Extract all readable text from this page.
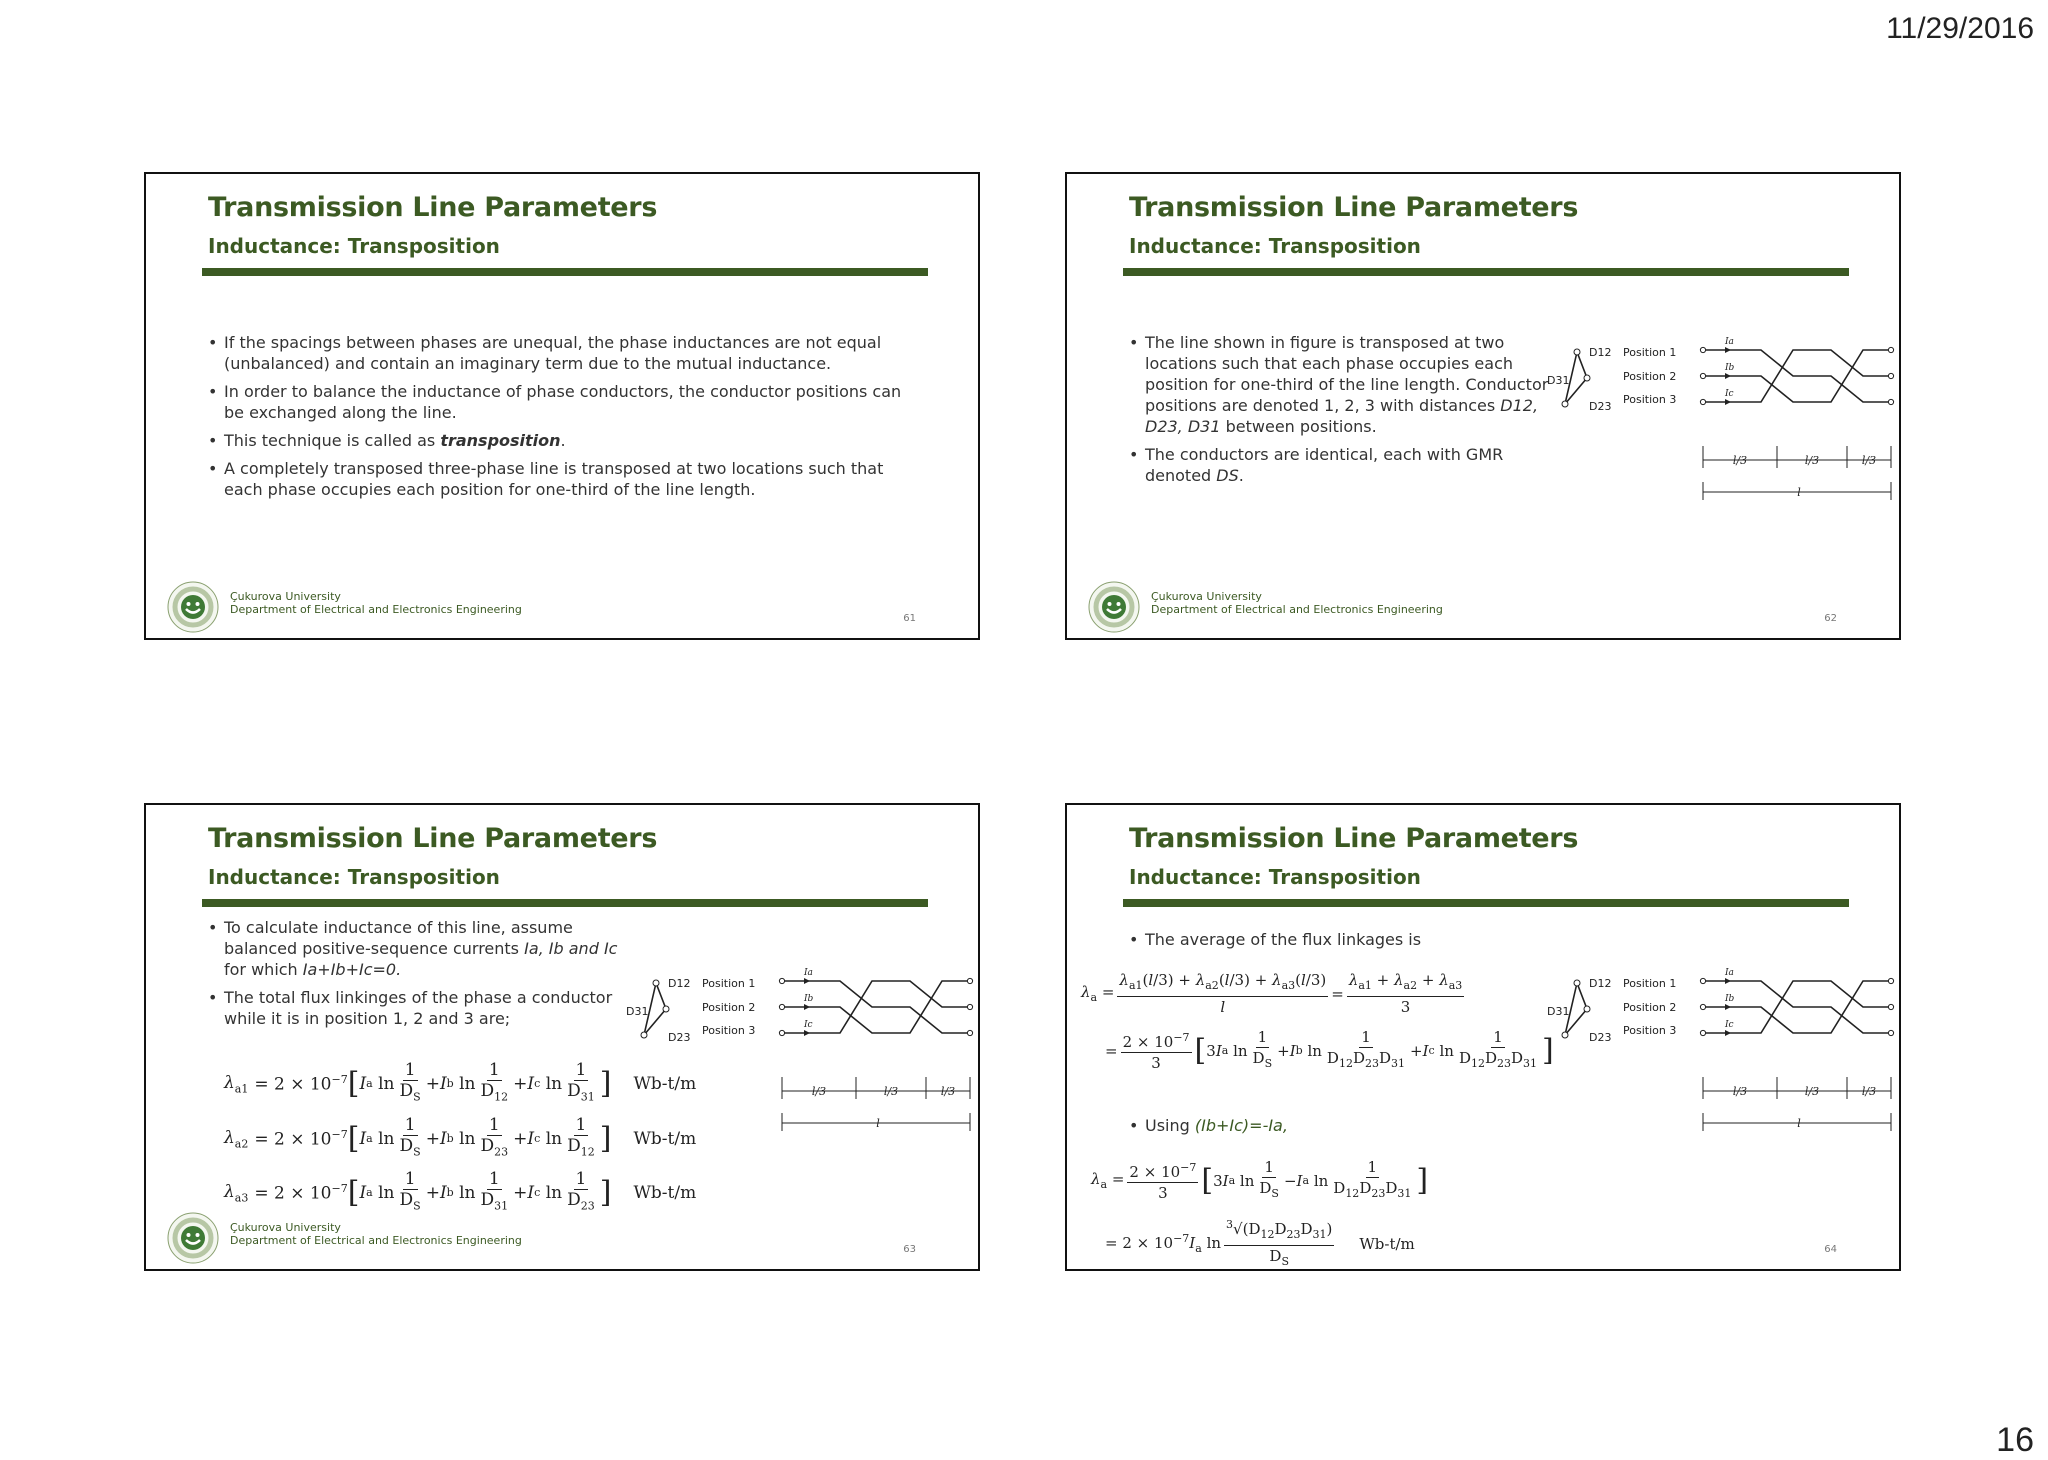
11/29/2016
Transmission Line Parameters
Inductance: Transposition
• If the spacings between phases are unequal, the phase inductances are not equal (unbalanced) and contain an imaginary term due to the mutual inductance.
• In order to balance the inductance of phase conductors, the conductor positions can be exchanged along the line.
• This technique is called as transposition.
• A completely transposed three-phase line is transposed at two locations such that each phase occupies each position for one-third of the line length.
Çukurova University
Department of Electrical and Electronics Engineering
61
Transmission Line Parameters
Inductance: Transposition
• The line shown in figure is transposed at two locations such that each phase occupies each position for one-third of the line length. Conductor positions are denoted 1, 2, 3 with distances D12, D23, D31 between positions.
• The conductors are identical, each with GMR denoted DS.
D12
D31
D23
Position 1
Position 2
Position 3
Ia
Ib
Ic
l/3	l/3	l/3
l
Çukurova University
Department of Electrical and Electronics Engineering
62
Transmission Line Parameters
Inductance: Transposition
• To calculate inductance of this line, assume balanced positive-sequence currents Ia, Ib and Ic for which Ia+Ib+Ic=0.
• The total flux linkinges of the phase a conductor while it is in position 1, 2 and 3 are;
D12
D31
D23
Position 1
Position 2
Position 3
Ia
Ib
Ic
l/3	l/3	l/3
l
$\lambda_{a1} = 2 \times 10^{-7}$ [ I a $\ln \frac{1}{D_S} + I$ b $\ln \frac{1}{D_{12}} + I$ c $\ln \frac{1}{D_{31}}$ ] Wb-t/m
$\lambda_{a2} = 2 \times 10^{-7}$ [ I a $\ln \frac{1}{D_S} + I$ b $\ln \frac{1}{D_{23}} + I$ c $\ln \frac{1}{D_{12}}$ ] Wb-t/m
$\lambda_{a3} = 2 \times 10^{-7}$ [ I a $\ln \frac{1}{D_S} + I$ b $\ln \frac{1}{D_{31}} + I$ c $\ln \frac{1}{D_{23}}$ ] Wb-t/m
Çukurova University
Department of Electrical and Electronics Engineering
63
Transmission Line Parameters
Inductance: Transposition
• The average of the flux linkages is
D12
D31
D23
Position 1
Position 2
Position 3
Ia
Ib
Ic
l/3	l/3	l/3
l
$\lambda_a = \frac{\lambda_{a1}(l/3) + \lambda_{a2}(l/3) + \lambda_{a3}(l/3)}{l} = \frac{\lambda_{a1} + \lambda_{a2} + \lambda_{a3}}{3}$
= $\frac{2 \times 10^{-7}}{3}$ [ 3 I a $\ln \frac{1}{D_S} + I$ b $\ln \frac{1}{D_{12}D_{23}D_{31}} + I$ c $\ln \frac{1}{D_{12}D_{23}D_{31}}$ ]
• Using (Ib+Ic)=-Ia,
$\lambda_a = \frac{2 \times 10^{-7}}{3}$ [ 3 I a $\ln \frac{1}{D_S} - I$ a $\ln \frac{1}{D_{12}D_{23}D_{31}}$ ]
= $2 \times 10^{-7}I_a$ $\ln \frac{^3√(D_{12}D_{23}D_{31})}{D_S} Wb-t/m$	64
16
